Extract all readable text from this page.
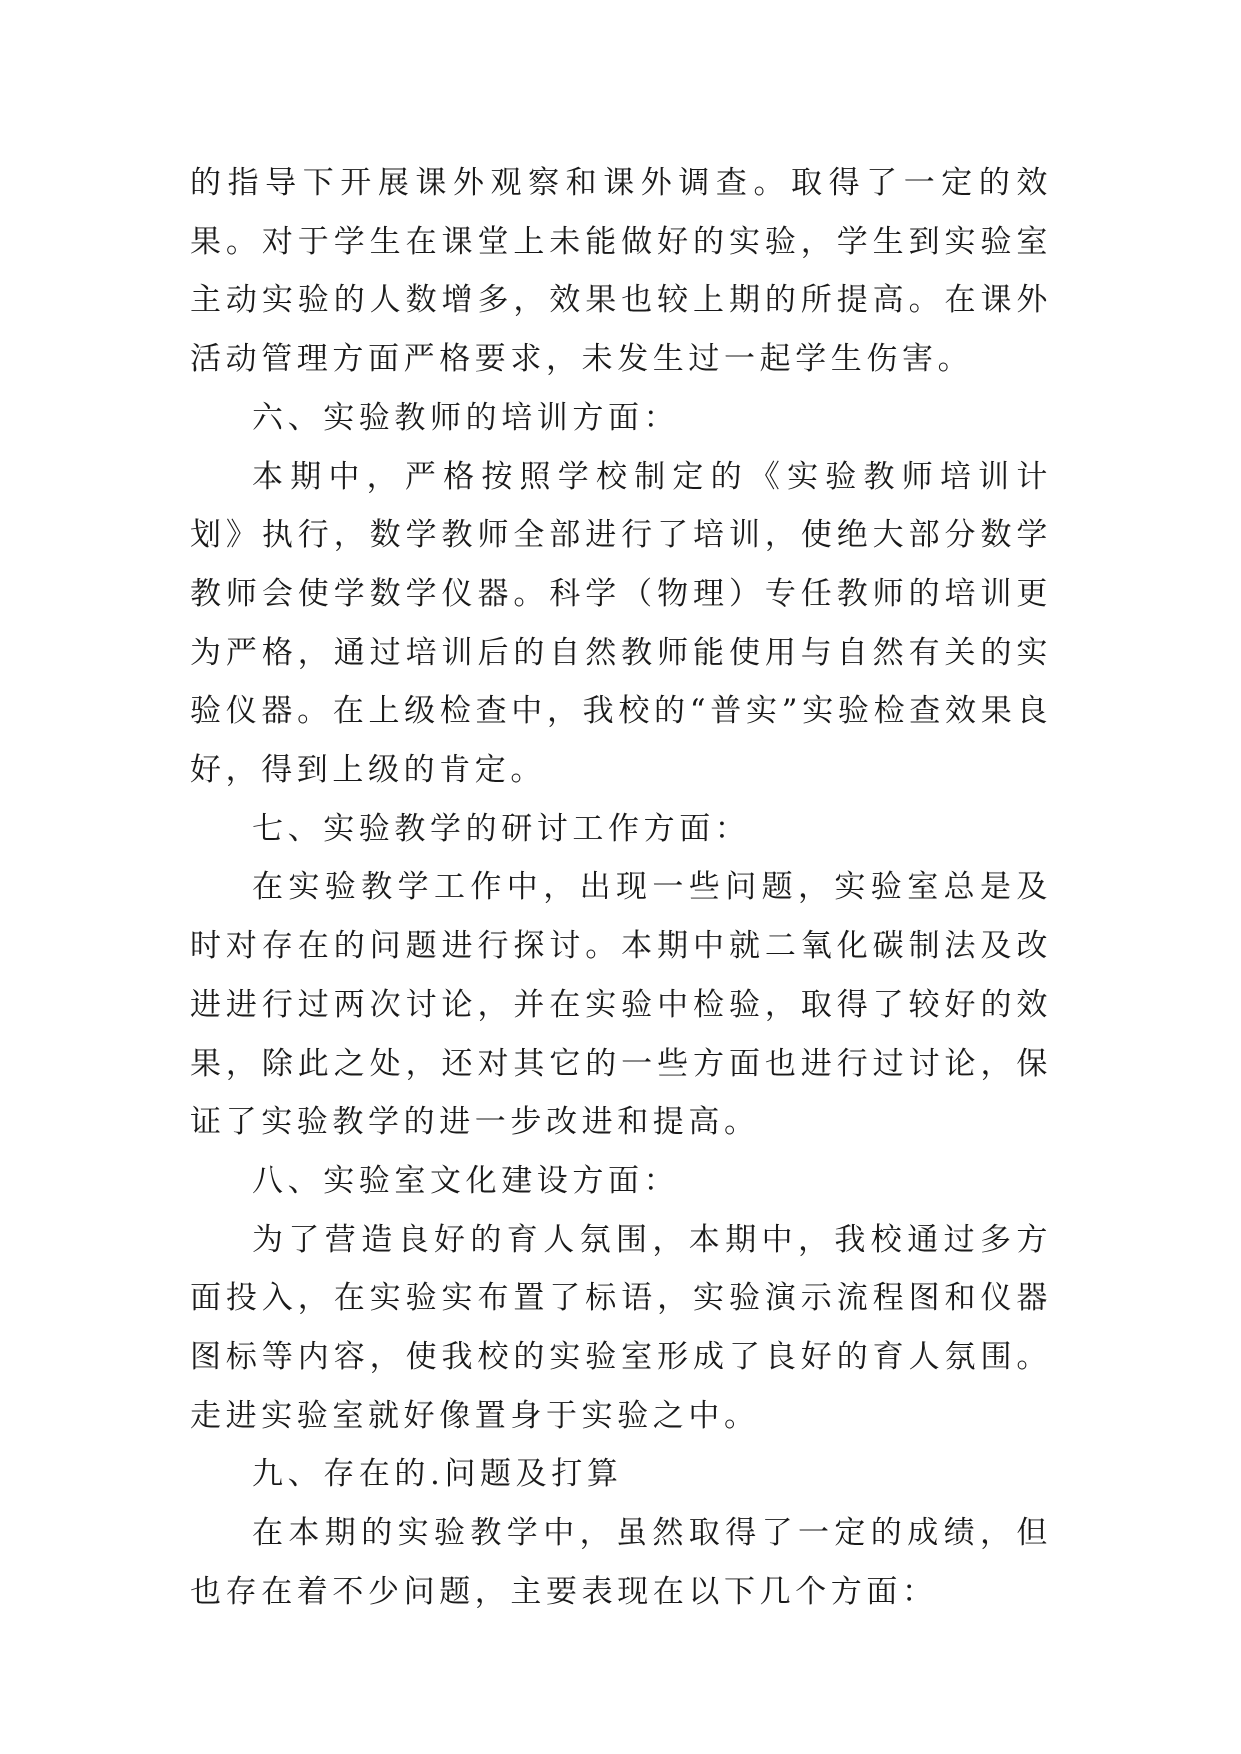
的指导下开展课外观察和课外调查。取得了一定的效果。对于学生在课堂上未能做好的实验，学生到实验室主动实验的人数增多，效果也较上期的所提高。在课外活动管理方面严格要求，未发生过一起学生伤害。

六、实验教师的培训方面：

本期中，严格按照学校制定的《实验教师培训计划》执行，数学教师全部进行了培训，使绝大部分数学教师会使学数学仪器。科学（物理）专任教师的培训更为严格，通过培训后的自然教师能使用与自然有关的实验仪器。在上级检查中，我校的“普实”实验检查效果良好，得到上级的肯定。

七、实验教学的研讨工作方面：

在实验教学工作中，出现一些问题，实验室总是及时对存在的问题进行探讨。本期中就二氧化碳制法及改进进行过两次讨论，并在实验中检验，取得了较好的效果，除此之处，还对其它的一些方面也进行过讨论，保证了实验教学的进一步改进和提高。

八、实验室文化建设方面：

为了营造良好的育人氛围，本期中，我校通过多方面投入，在实验实布置了标语，实验演示流程图和仪器图标等内容，使我校的实验室形成了良好的育人氛围。走进实验室就好像置身于实验之中。

九、存在的.问题及打算

在本期的实验教学中，虽然取得了一定的成绩，但也存在着不少问题，主要表现在以下几个方面：
